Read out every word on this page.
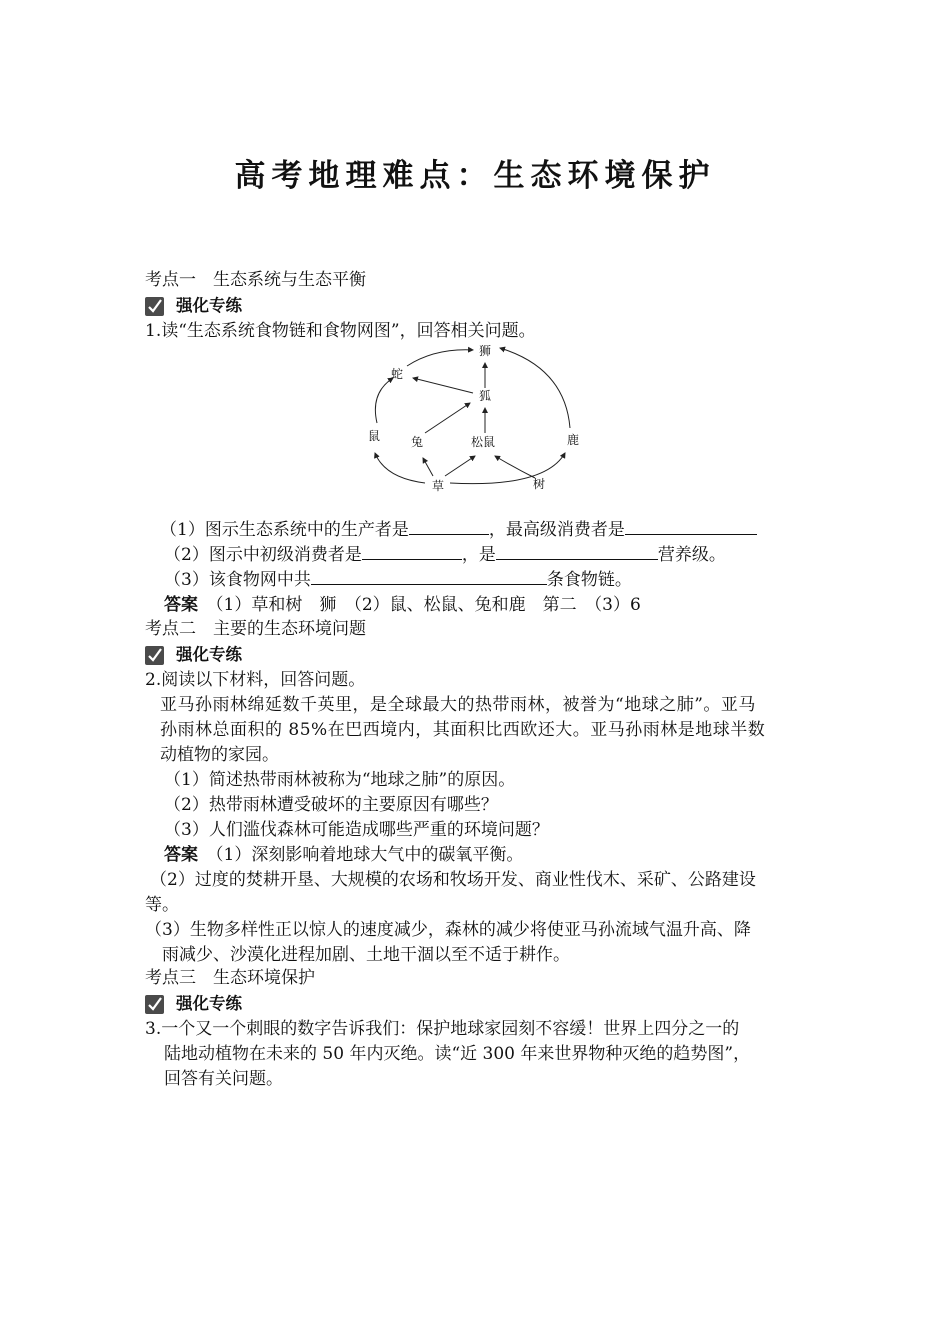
高考地理难点：生态环境保护
考点一　生态系统与生态平衡
强化专练
1.读“生态系统食物链和食物网图”，回答相关问题。
狮
蛇
狐
鼠	兔	松鼠	鹿
草	树
（1）图示生态系统中的生产者是	，最高级消费者是
（2）图示中初级消费者是	，是	营养级。
（3）该食物网中共	条食物链。
答案　 （1）草和树　狮　（2）鼠、松鼠、兔和鹿　第二　（3）6
考点二　主要的生态环境问题
强化专练
2.阅读以下材料，回答问题。
亚马孙雨林绵延数千英里，是全球最大的热带雨林，被誉为“地球之肺”。亚马
孙雨林总面积的 85%在巴西境内，其面积比西欧还大。亚马孙雨林是地球半数
动植物的家园。
（1）简述热带雨林被称为“地球之肺”的原因。
（2）热带雨林遭受破坏的主要原因有哪些？
（3）人们滥伐森林可能造成哪些严重的环境问题？
答案　 （1）深刻影响着地球大气中的碳氧平衡。
（2）过度的焚耕开垦、大规模的农场和牧场开发、商业性伐木、采矿、公路建设
等。
（3）生物多样性正以惊人的速度减少，森林的减少将使亚马孙流域气温升高、降
雨减少、沙漠化进程加剧、土地干涸以至不适于耕作。
考点三　生态环境保护
强化专练
3.一个又一个刺眼的数字告诉我们：保护地球家园刻不容缓！世界上四分之一的
陆地动植物在未来的 50 年内灭绝。读“近 300 年来世界物种灭绝的趋势图”，
回答有关问题。
